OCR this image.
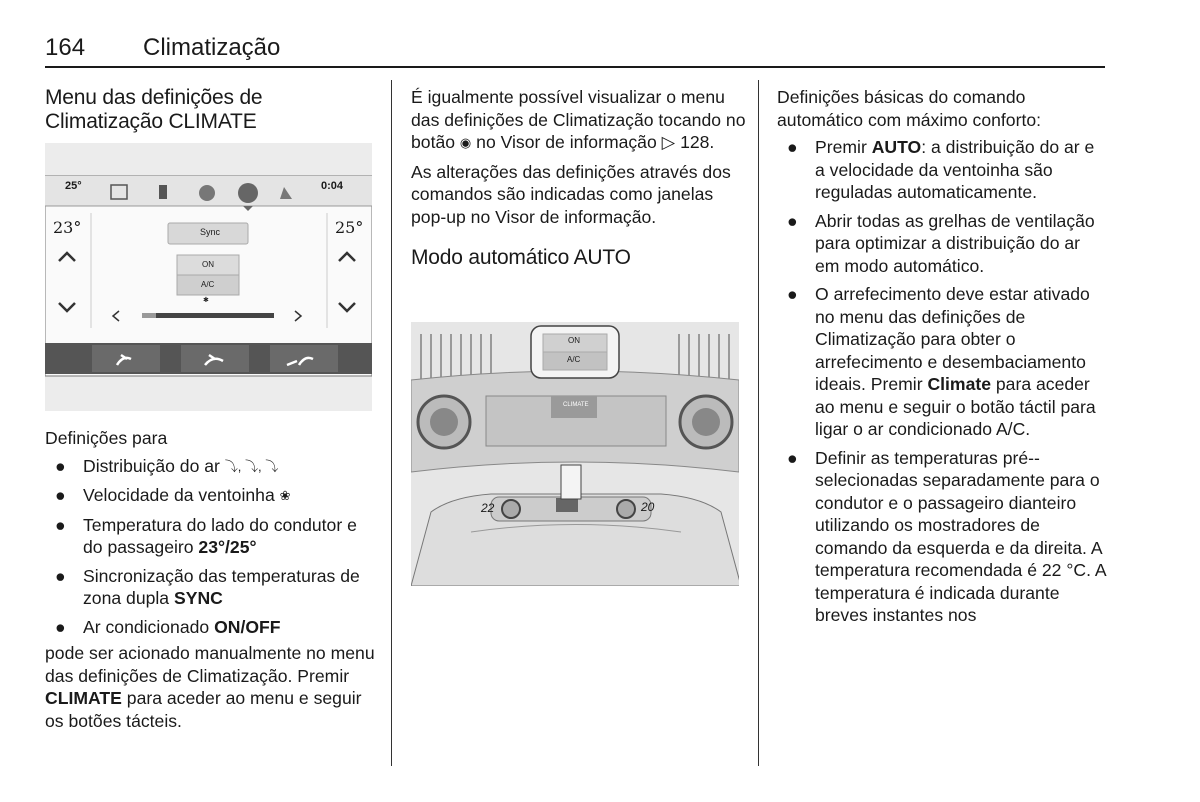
164 Climatização
Menu das definições de
Climatização CLIMATE
25°	0:04
23°	25°
Sync
ON
A/C
✱

Definições para

● Distribuição do ar ⤵︎, ⤵︎, ⤵︎

● Velocidade da ventoinha ❀

● Temperatura do lado do condutor e do passageiro 23°/25°

● Sincronização das temperaturas de zona dupla SYNC

● Ar condicionado ON/OFF

pode ser acionado manualmente no menu das definições de Climatização. Premir CLIMATE para aceder ao menu e seguir os botões tácteis.

É igualmente possível visualizar o menu das definições de Climatização tocando no botão ◉ no Visor de informação ▷ 128.

As alterações das definições através dos comandos são indicadas como janelas pop-up no Visor de informação.

Modo automático AUTO
ON
A/C
CLIMATE
22	20

Definições básicas do comando automático com máximo conforto:

● Premir AUTO: a distribuição do ar e a velocidade da ventoinha são reguladas automaticamente.

● Abrir todas as grelhas de ventilação para optimizar a distribuição do ar em modo automático.

● O arrefecimento deve estar ativado no menu das definições de Climatização para obter o arrefecimento e desembaciamento ideais. Premir Climate para aceder ao menu e seguir o botão táctil para ligar o ar condicionado A/C.

● Definir as temperaturas pré--selecionadas separadamente para o condutor e o passageiro dianteiro utilizando os mostradores de comando da esquerda e da direita. A temperatura recomendada é 22 °C. A temperatura é indicada durante breves instantes nos
